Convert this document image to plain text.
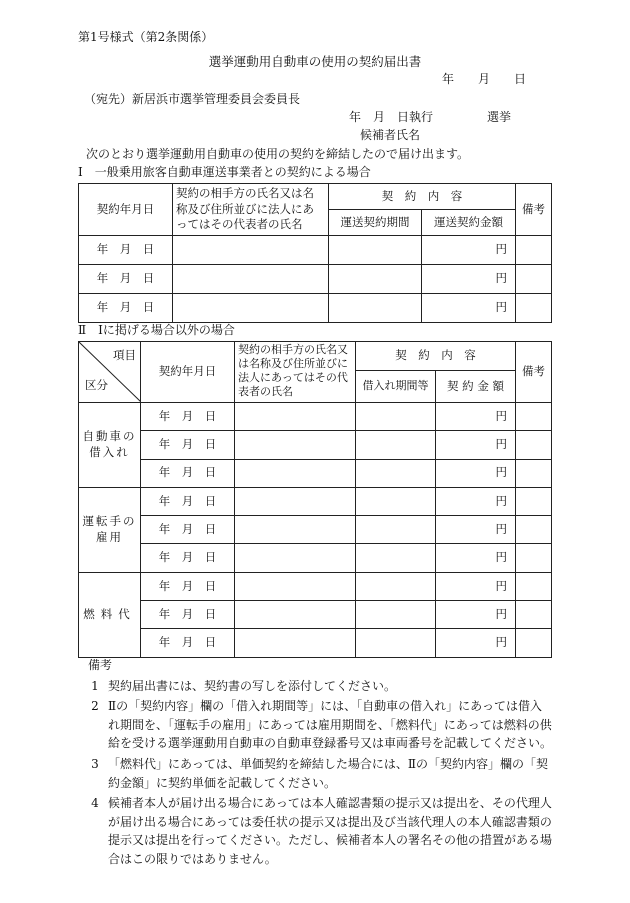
第1号様式（第2条関係）
選挙運動用自動車の使用の契約届出書
年　　月　　日
（宛先）新居浜市選挙管理委員会委員長
年　月　日執行	選挙
候補者氏名
次のとおり選挙運動用自動車の使用の契約を締結したので届け出ます。
Ⅰ　一般乗用旅客自動車運送事業者との契約による場合
契約年月日	契約の相手方の氏名又は名称及び住所並びに法人にあってはその代表者の氏名	契　約　内　容		備考
		運送契約期間	運送契約金額	
年　月　日			円	
年　月　日			円	
年　月　日			円	
Ⅱ　Ⅰに掲げる場合以外の場合
項目
区分	契約年月日	契約の相手方の氏名又は名称及び住所並びに法人にあってはその代表者の氏名	契　約　内　容		備考
			借入れ期間等	契 約 金 額	
自動車の借入れ	年　月　日			円	
	年　月　日			円	
	年　月　日			円	
運転手の雇用	年　月　日			円	
	年　月　日			円	
	年　月　日			円	
燃料代	年　月　日			円	
	年　月　日			円	
	年　月　日			円	
備考
1 契約届出書には、契約書の写しを添付してください。
2 Ⅱの「契約内容」欄の「借入れ期間等」には、「自動車の借入れ」にあっては借入れ期間を、「運転手の雇用」にあっては雇用期間を、「燃料代」にあっては燃料の供給を受ける選挙運動用自動車の自動車登録番号又は車両番号を記載してください。
3 「燃料代」にあっては、単価契約を締結した場合には、Ⅱの「契約内容」欄の「契約金額」に契約単価を記載してください。
4 候補者本人が届け出る場合にあっては本人確認書類の提示又は提出を、その代理人が届け出る場合にあっては委任状の提示又は提出及び当該代理人の本人確認書類の提示又は提出を行ってください。ただし、候補者本人の署名その他の措置がある場合はこの限りではありません。
